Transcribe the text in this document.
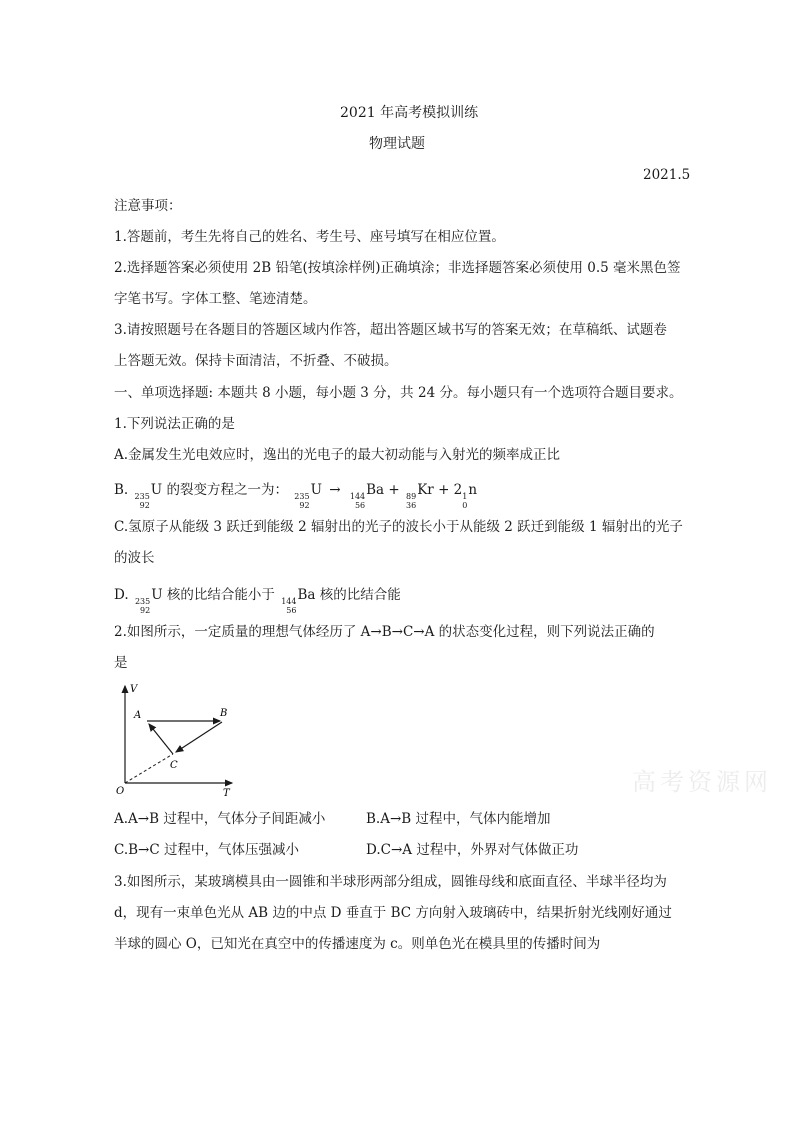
2021 年高考模拟训练
物理试题
2021.5
注意事项：
1.答题前，考生先将自己的姓名、考生号、座号填写在相应位置。
2.选择题答案必须使用 2B 铅笔(按填涂样例)正确填涂；非选择题答案必须使用 0.5 毫米黑色签
字笔书写。字体工整、笔迹清楚。
3.请按照题号在各题目的答题区域内作答，超出答题区域书写的答案无效；在草稿纸、试题卷
上答题无效。保持卡面清洁，不折叠、不破损。
一、单项选择题: 本题共 8 小题，每小题 3 分，共 24 分。每小题只有一个选项符合题目要求。
1.下列说法正确的是
A.金属发生光电效应时，逸出的光电子的最大初动能与入射光的频率成正比
B. 235
92
U 的裂变方程之一为： 235
92
U → 144
56
Ba + 89
36
Kr + 2 1
0
n
C.氢原子从能级 3 跃迁到能级 2 辐射出的光子的波长小于从能级 2 跃迁到能级 1 辐射出的光子
的波长
D. 235
92
U 核的比结合能小于 144
56
Ba 核的比结合能
2.如图所示，一定质量的理想气体经历了 A→B→C→A 的状态变化过程，则下列说法正确的
是
V
T
O
A	B
C
A.A→B 过程中，气体分子间距减小	B.A→B 过程中，气体内能增加
C.B→C 过程中，气体压强减小	D.C→A 过程中，外界对气体做正功
3.如图所示，某玻璃模具由一圆锥和半球形两部分组成，圆锥母线和底面直径、半球半径均为
d，现有一束单色光从 AB 边的中点 D 垂直于 BC 方向射入玻璃砖中，结果折射光线刚好通过
半球的圆心 O，已知光在真空中的传播速度为 c。则单色光在模具里的传播时间为
高考资源网
